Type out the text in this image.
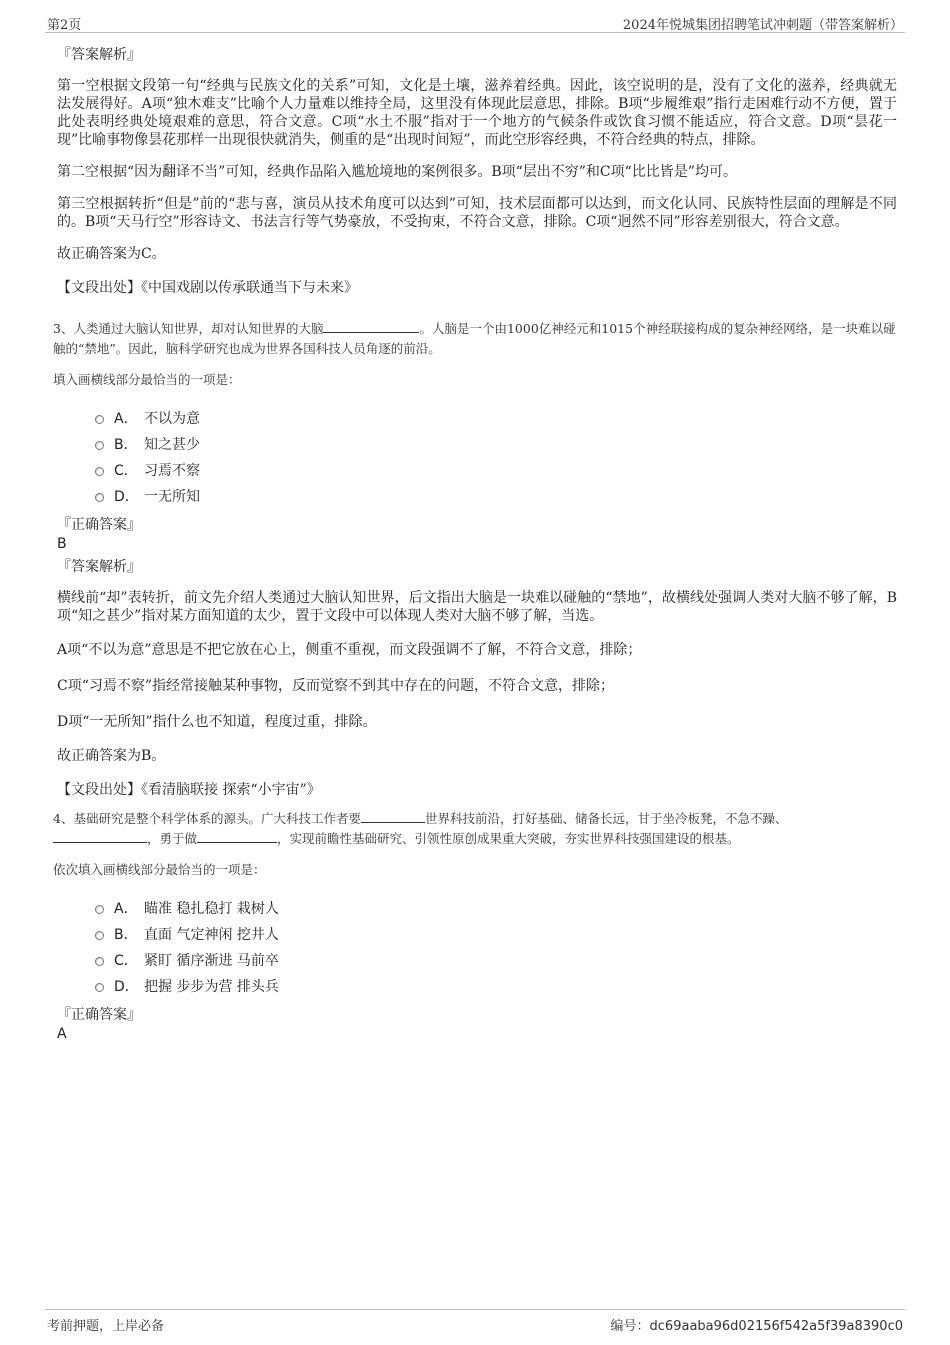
第2页	2024年悦城集团招聘笔试冲刺题（带答案解析）

『答案解析』

第一空根据文段第一句“经典与民族文化的关系”可知，文化是土壤，滋养着经典。因此，该空说明的是，没有了文化的滋养，经典就无法发展得好。A项“独木难支”比喻个人力量难以维持全局，这里没有体现此层意思，排除。B项“步履维艰”指行走困难行动不方便，置于此处表明经典处境艰难的意思，符合文意。C项“水土不服”指对于一个地方的气候条件或饮食习惯不能适应，符合文意。D项“昙花一现”比喻事物像昙花那样一出现很快就消失，侧重的是“出现时间短”，而此空形容经典，不符合经典的特点，排除。

第二空根据“因为翻译不当”可知，经典作品陷入尴尬境地的案例很多。B项“层出不穷”和C项“比比皆是”均可。

第三空根据转折“但是”前的“悲与喜，演员从技术角度可以达到”可知，技术层面都可以达到，而文化认同、民族特性层面的理解是不同的。B项“天马行空”形容诗文、书法言行等气势豪放，不受拘束，不符合文意，排除。C项“迥然不同”形容差别很大，符合文意。

故正确答案为C。

【文段出处】《中国戏剧以传承联通当下与未来》

3、人类通过大脑认知世界，却对认知世界的大脑	。人脑是一个由1000亿神经元和1015个神经联接构成的复杂神经网络，是一块难以碰触的“禁地”。因此，脑科学研究也成为世界各国科技人员角逐的前沿。

填入画横线部分最恰当的一项是：

A． 不以为意
B． 知之甚少
C． 习焉不察
D． 一无所知

『正确答案』

B

『答案解析』

横线前“却”表转折，前文先介绍人类通过大脑认知世界，后文指出大脑是一块难以碰触的“禁地”，故横线处强调人类对大脑不够了解，B项“知之甚少”指对某方面知道的太少，置于文段中可以体现人类对大脑不够了解，当选。

A项“不以为意”意思是不把它放在心上，侧重不重视，而文段强调不了解，不符合文意，排除；

C项“习焉不察”指经常接触某种事物，反而觉察不到其中存在的问题，不符合文意，排除；

D项“一无所知”指什么也不知道，程度过重，排除。

故正确答案为B。

【文段出处】《看清脑联接 探索“小宇宙”》

4、基础研究是整个科学体系的源头。广大科技工作者要	世界科技前沿，打好基础、储备长远，甘于坐冷板凳，不急不躁、
，勇于做	，实现前瞻性基础研究、引领性原创成果重大突破，夯实世界科技强国建设的根基。

依次填入画横线部分最恰当的一项是：

A． 瞄准 稳扎稳打 栽树人
B． 直面 气定神闲 挖井人
C． 紧盯 循序渐进 马前卒
D． 把握 步步为营 排头兵

『正确答案』

A

考前押题，上岸必备	编号：dc69aaba96d02156f542a5f39a8390c0
